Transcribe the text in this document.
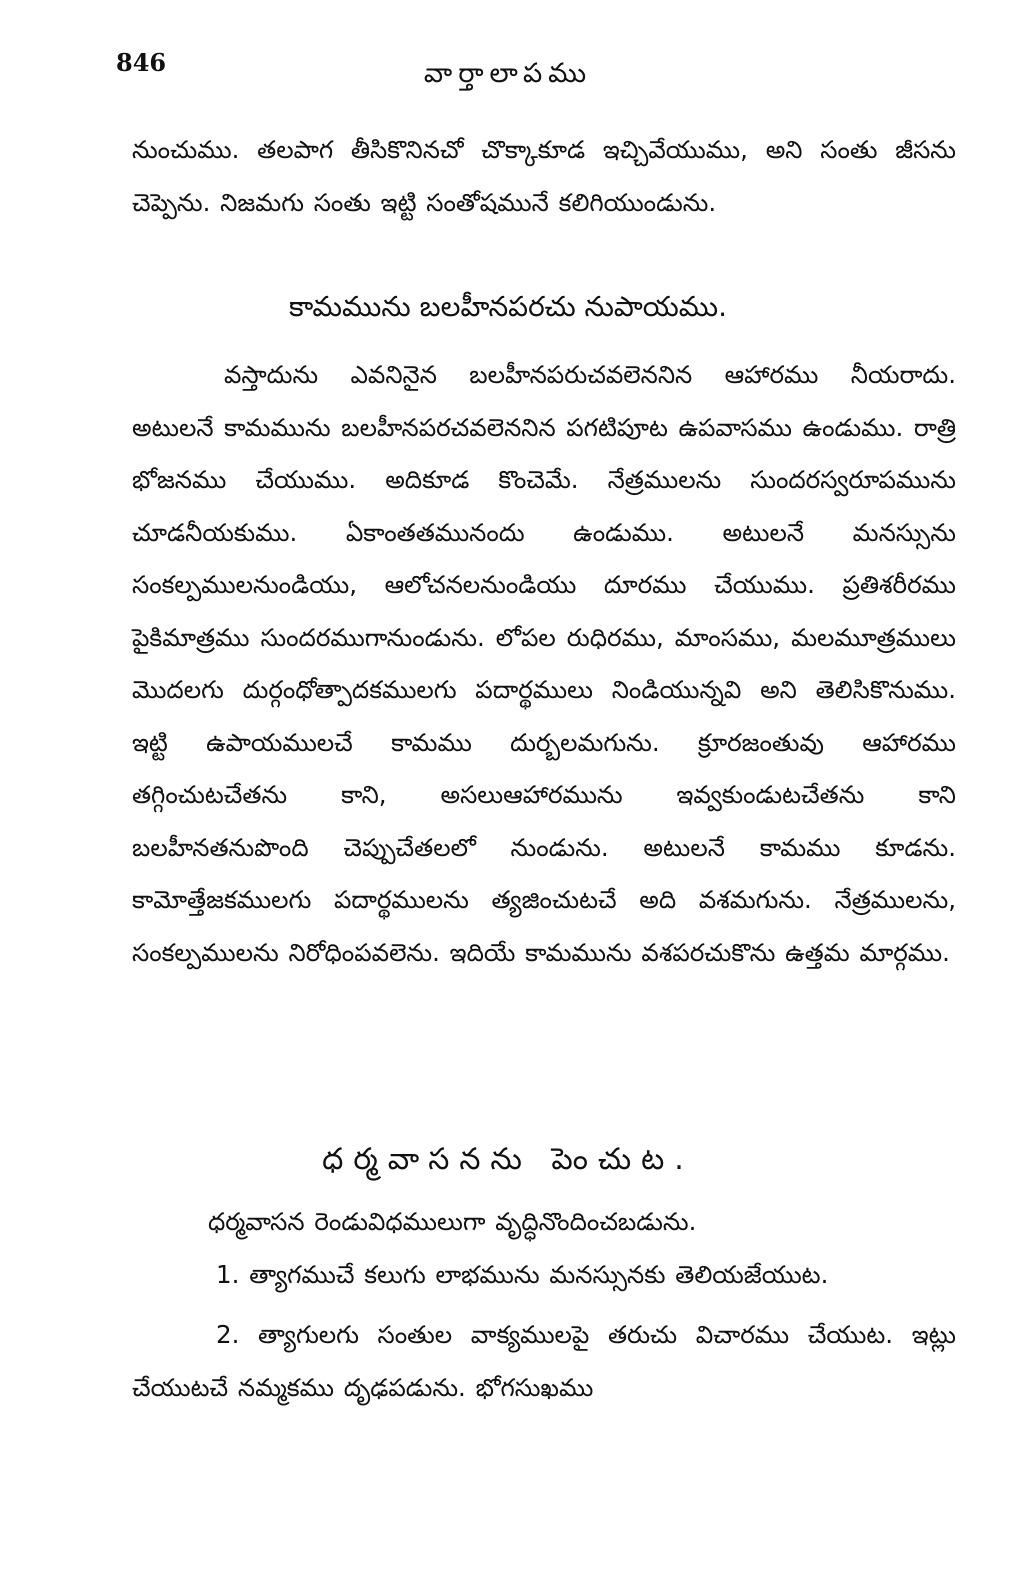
846	వార్తాలాపము

నుంచుము. తలపాగ తీసికొనినచో చొక్కాకూడ ఇచ్చివేయుము, అని సంతు జీసను చెప్పెను. నిజమగు సంతు ఇట్టి సంతోషమునే కలిగియుండును.

కామమును బలహీనపరచు నుపాయము.

వస్తాదును ఎవనినైన బలహీనపరుచవలెననిన ఆహారము నీయరాదు. అటులనే కామమును బలహీనపరచవలెననిన పగటిపూట ఉపవాసము ఉండుము. రాత్రి భోజనము చేయుము. అదికూడ కొంచెమే. నేత్రములను సుందరస్వరూపమును చూడనీయకుము. ఏకాంతతమునందు ఉండుము. అటులనే మనస్సును సంకల్పములనుండియు, ఆలోచనలనుండియు దూరము చేయుము. ప్రతిశరీరము పైకిమాత్రము సుందరముగానుండును. లోపల రుధిరము, మాంసము, మలమూత్రములు మొదలగు దుర్గంధోత్పాదకములగు పదార్థములు నిండియున్నవి అని తెలిసికొనుము. ఇట్టి ఉపాయములచే కామము దుర్బలమగును. క్రూరజంతువు ఆహారము తగ్గించుటచేతను కాని, అసలుఆహారమును ఇవ్వకుండుటచేతను కాని బలహీనతనుపొంది చెప్పుచేతలలో నుండును. అటులనే కామము కూడను. కామోత్తేజకములగు పదార్థములను త్యజించుటచే అది వశమగును. నేత్రములను, సంకల్పములను నిరోధింపవలెను. ఇదియే కామమును వశపరచుకొను ఉత్తమ మార్గము.

ధర్మవాసనను పెంచుట.

ధర్మవాసన రెండువిధములుగా వృద్ధినొందించబడును.

1. త్యాగముచే కలుగు లాభమును మనస్సునకు తెలియజేయుట.

2. త్యాగులగు సంతుల వాక్యములపై తరుచు విచారము చేయుట. ఇట్లు చేయుటచే నమ్మకము దృఢపడును. భోగసుఖము
